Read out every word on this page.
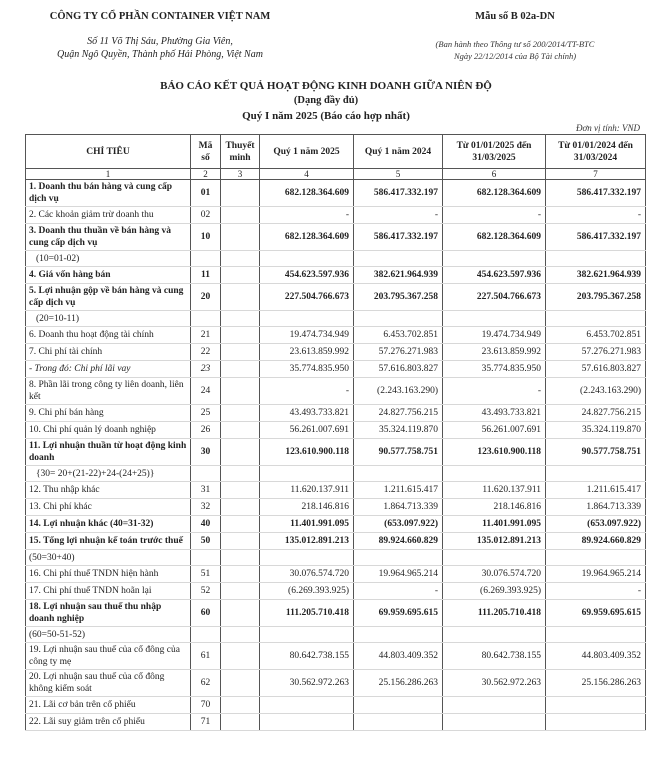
CÔNG TY CỔ PHẦN CONTAINER VIỆT NAM
Số 11 Võ Thị Sáu, Phường Gia Viên,
Quận Ngô Quyền, Thành phố Hải Phòng, Việt Nam
Mẫu số B 02a-DN
(Ban hành theo Thông tư số 200/2014/TT-BTC
Ngày 22/12/2014 của Bộ Tài chính)
BÁO CÁO KẾT QUẢ HOẠT ĐỘNG KINH DOANH GIỮA NIÊN ĐỘ
(Dạng đầy đủ)
Quý I năm 2025 (Báo cáo hợp nhất)
Đơn vị tính: VND
CHỈ TIÊU	Mã số	Thuyết minh	Quý 1 năm 2025	Quý 1 năm 2024	Từ 01/01/2025 đến 31/03/2025	Từ 01/01/2024 đến 31/03/2024
1	2	3	4	5	6	7
1. Doanh thu bán hàng và cung cấp dịch vụ	01		682.128.364.609	586.417.332.197	682.128.364.609	586.417.332.197
2. Các khoản giảm trừ doanh thu	02		-	-	-	-
3. Doanh thu thuần về bán hàng và cung cấp dịch vụ	10		682.128.364.609	586.417.332.197	682.128.364.609	586.417.332.197
(10=01-02)						
4. Giá vốn hàng bán	11		454.623.597.936	382.621.964.939	454.623.597.936	382.621.964.939
5. Lợi nhuận gộp về bán hàng và cung cấp dịch vụ	20		227.504.766.673	203.795.367.258	227.504.766.673	203.795.367.258
(20=10-11)						
6. Doanh thu hoạt động tài chính	21		19.474.734.949	6.453.702.851	19.474.734.949	6.453.702.851
7. Chi phí tài chính	22		23.613.859.992	57.276.271.983	23.613.859.992	57.276.271.983
- Trong đó: Chi phí lãi vay	23		35.774.835.950	57.616.803.827	35.774.835.950	57.616.803.827
8. Phần lãi trong công ty liên doanh, liên kết	24		-	(2.243.163.290)	-	(2.243.163.290)
9. Chi phí bán hàng	25		43.493.733.821	24.827.756.215	43.493.733.821	24.827.756.215
10. Chi phí quản lý doanh nghiệp	26		56.261.007.691	35.324.119.870	56.261.007.691	35.324.119.870
11. Lợi nhuận thuần từ hoạt động kinh doanh	30		123.610.900.118	90.577.758.751	123.610.900.118	90.577.758.751
{30= 20+(21-22)+24-(24+25)}						
12. Thu nhập khác	31		11.620.137.911	1.211.615.417	11.620.137.911	1.211.615.417
13. Chi phí khác	32		218.146.816	1.864.713.339	218.146.816	1.864.713.339
14. Lợi nhuận khác (40=31-32)	40		11.401.991.095	(653.097.922)	11.401.991.095	(653.097.922)
15. Tổng lợi nhuận kế toán trước thuế	50		135.012.891.213	89.924.660.829	135.012.891.213	89.924.660.829
(50=30+40)						
16. Chi phí thuế TNDN hiện hành	51		30.076.574.720	19.964.965.214	30.076.574.720	19.964.965.214
17. Chi phí thuế TNDN hoãn lại	52		(6.269.393.925)	-	(6.269.393.925)	-
18. Lợi nhuận sau thuế thu nhập doanh nghiệp	60		111.205.710.418	69.959.695.615	111.205.710.418	69.959.695.615
(60=50-51-52)						
19. Lợi nhuận sau thuế của cổ đông của công ty mẹ	61		80.642.738.155	44.803.409.352	80.642.738.155	44.803.409.352
20. Lợi nhuận sau thuế của cổ đông không kiểm soát	62		30.562.972.263	25.156.286.263	30.562.972.263	25.156.286.263
21. Lãi cơ bản trên cổ phiếu	70					
22. Lãi suy giảm trên cổ phiếu	71					
